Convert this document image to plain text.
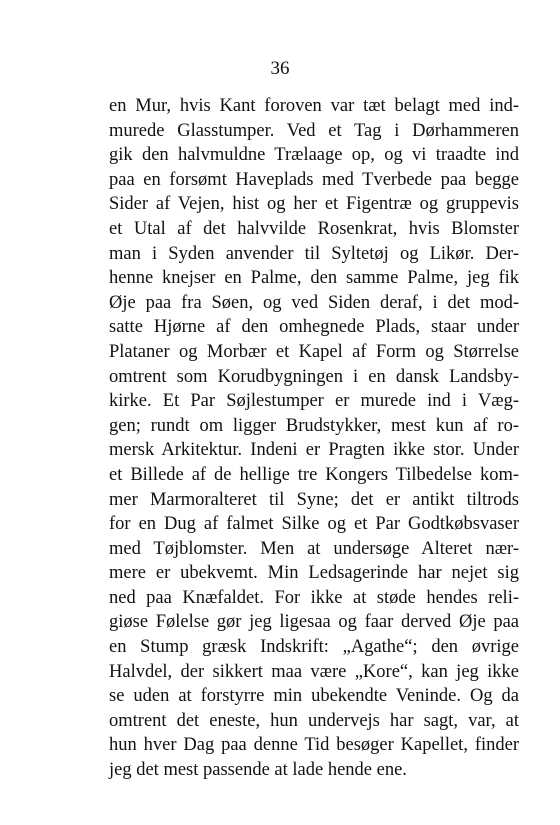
36
en Mur, hvis Kant foroven var tæt belagt med ind-
murede Glasstumper. Ved et Tag i Dørhammeren
gik den halvmuldne Trælaage op, og vi traadte ind
paa en forsømt Haveplads med Tverbede paa begge
Sider af Vejen, hist og her et Figentræ og gruppevis
et Utal af det halvvilde Rosenkrat, hvis Blomster
man i Syden anvender til Syltetøj og Likør. Der-
henne knejser en Palme, den samme Palme, jeg fik
Øje paa fra Søen, og ved Siden deraf, i det mod-
satte Hjørne af den omhegnede Plads, staar under
Plataner og Morbær et Kapel af Form og Størrelse
omtrent som Korudbygningen i en dansk Landsby-
kirke. Et Par Søjlestumper er murede ind i Væg-
gen; rundt om ligger Brudstykker, mest kun af ro-
mersk Arkitektur. Indeni er Pragten ikke stor. Under
et Billede af de hellige tre Kongers Tilbedelse kom-
mer Marmoralteret til Syne; det er antikt tiltrods
for en Dug af falmet Silke og et Par Godtkøbsvaser
med Tøjblomster. Men at undersøge Alteret nær-
mere er ubekvemt. Min Ledsagerinde har nejet sig
ned paa Knæfaldet. For ikke at støde hendes reli-
giøse Følelse gør jeg ligesaa og faar derved Øje paa
en Stump græsk Indskrift: „Agathe“; den øvrige
Halvdel, der sikkert maa være „Kore“, kan jeg ikke
se uden at forstyrre min ubekendte Veninde. Og da
omtrent det eneste, hun undervejs har sagt, var, at
hun hver Dag paa denne Tid besøger Kapellet, finder
jeg det mest passende at lade hende ene.
